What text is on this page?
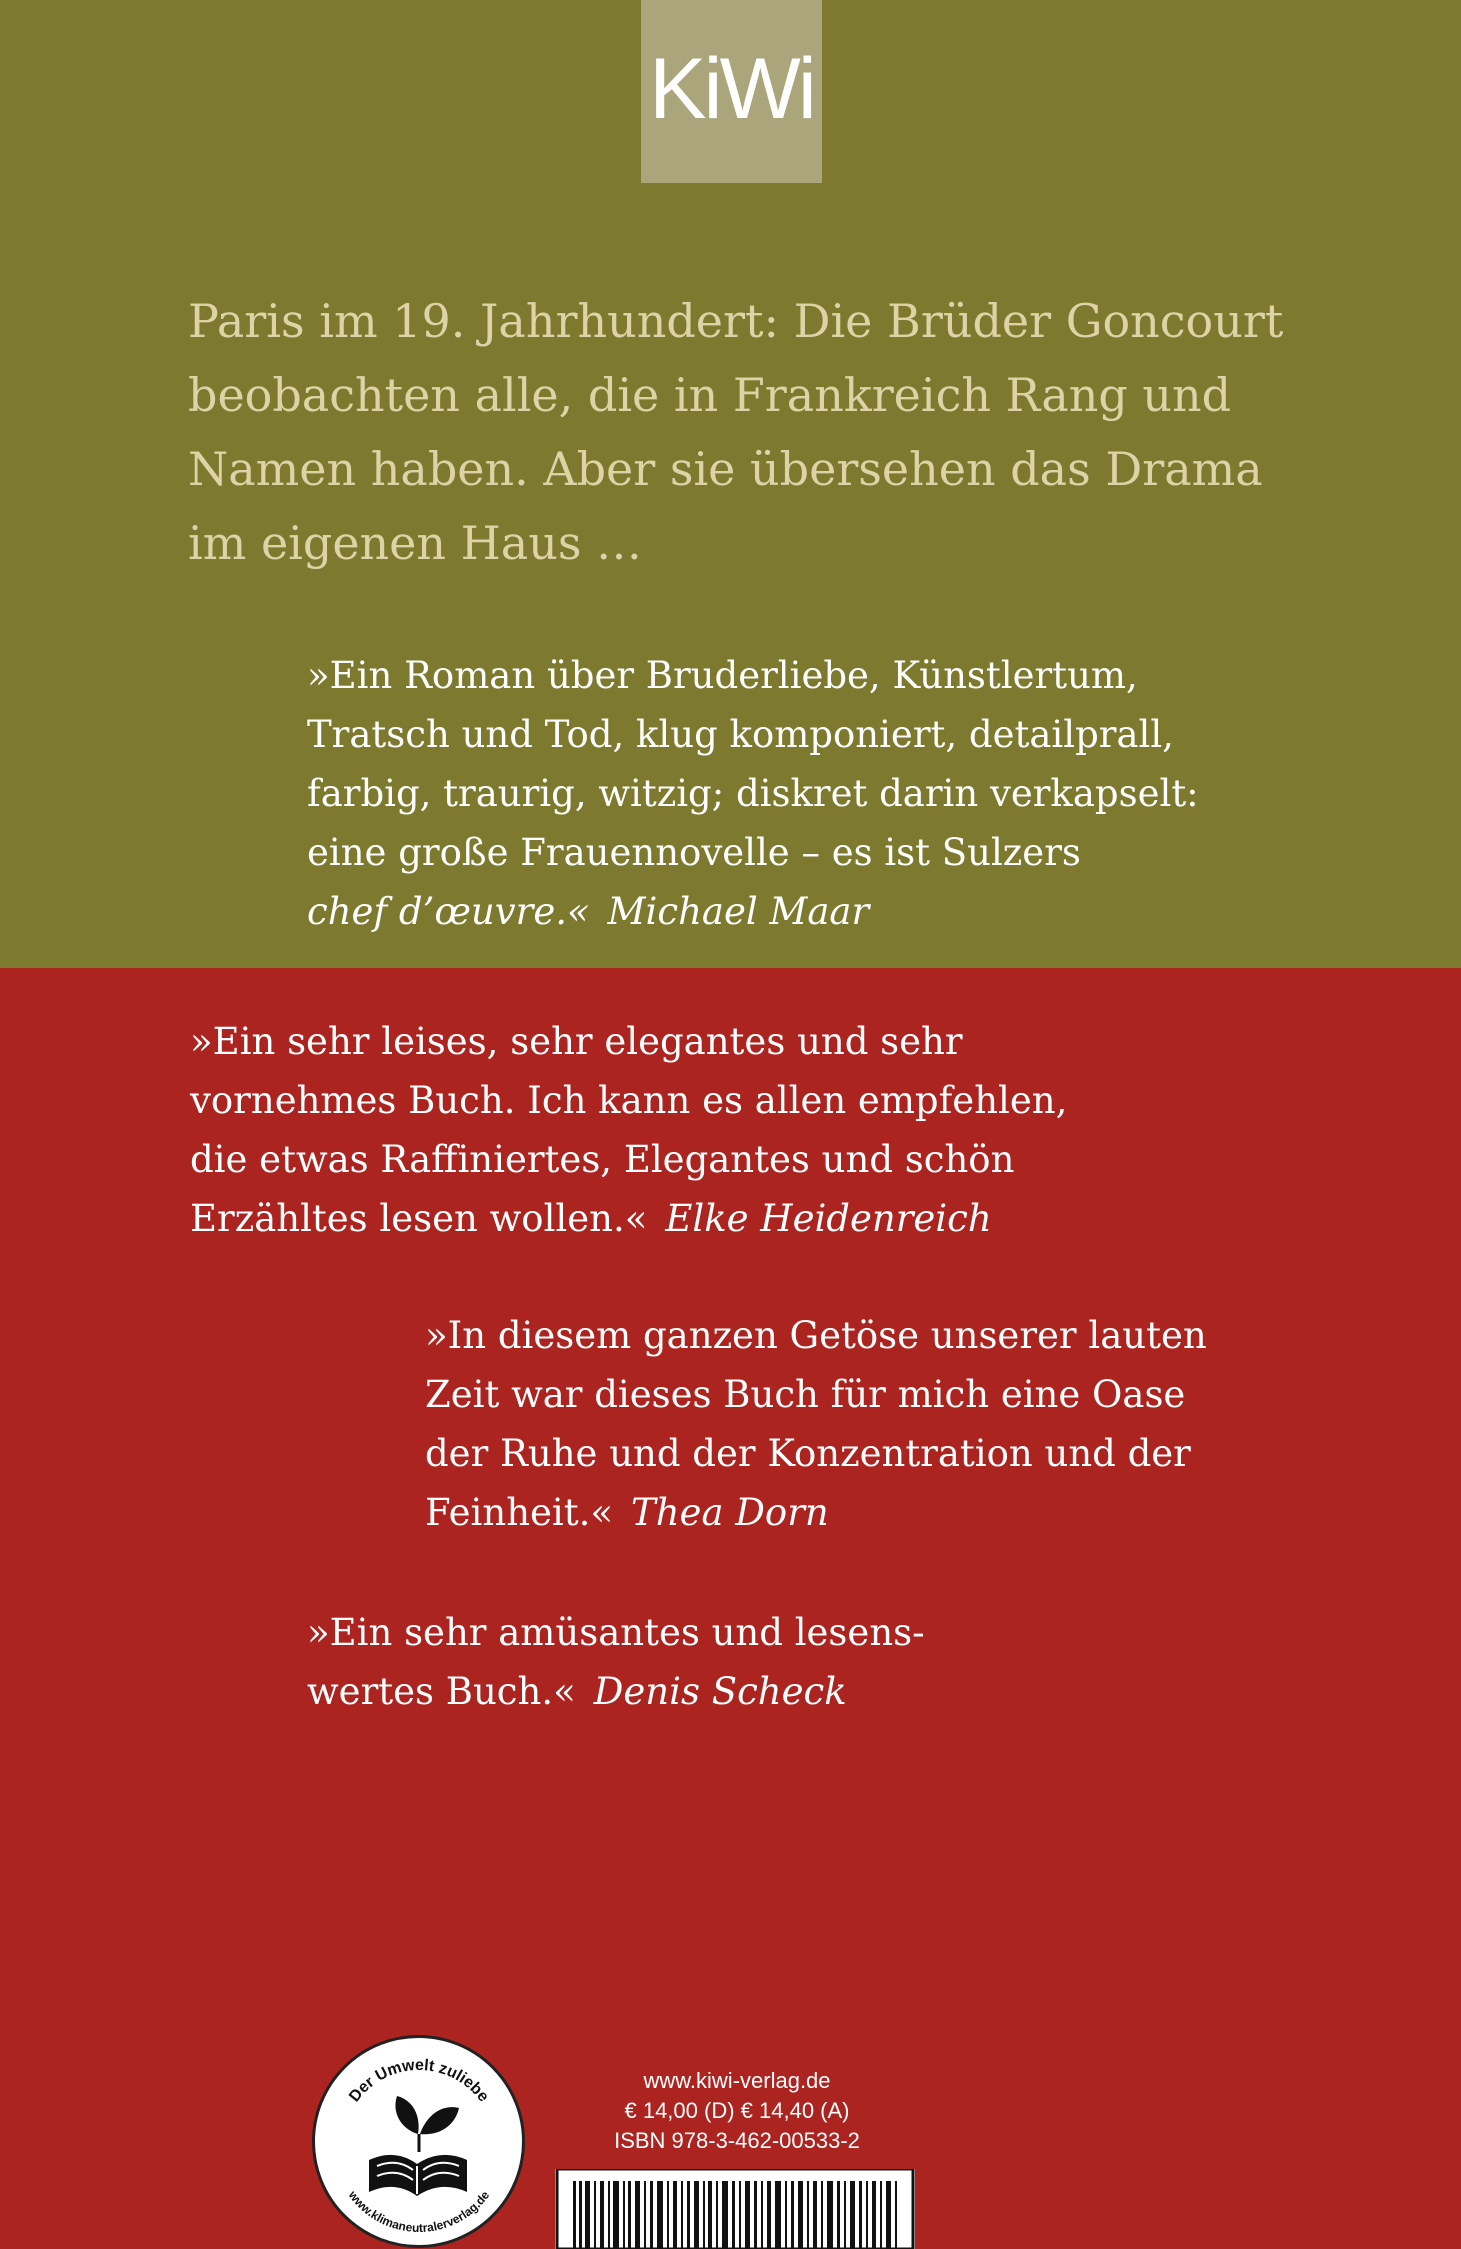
KiWi

Paris im 19. Jahrhundert: Die Brüder Goncourt beobachten alle, die in Frankreich Rang und Namen haben. Aber sie übersehen das Drama im eigenen Haus …

»Ein Roman über Bruderliebe, Künstlertum,
Tratsch und Tod, klug komponiert, detailprall,
farbig, traurig, witzig; diskret darin verkapselt:
eine große Frauennovelle – es ist Sulzers
chef d’œuvre.« Michael Maar

»Ein sehr leises, sehr elegantes und sehr
vornehmes Buch. Ich kann es allen empfehlen,
die etwas Raffiniertes, Elegantes und schön
Erzähltes lesen wollen.« Elke Heidenreich

»In diesem ganzen Getöse unserer lauten
Zeit war dieses Buch für mich eine Oase
der Ruhe und der Konzentration und der
Feinheit.« Thea Dorn

»Ein sehr amüsantes und lesens-
wertes Buch.« Denis Scheck

Der Umwelt zuliebe
www.klimaneutralerverlag.de
www.kiwi-verlag.de
€ 14,00 (D) € 14,40 (A)
ISBN 978-3-462-00533-2
